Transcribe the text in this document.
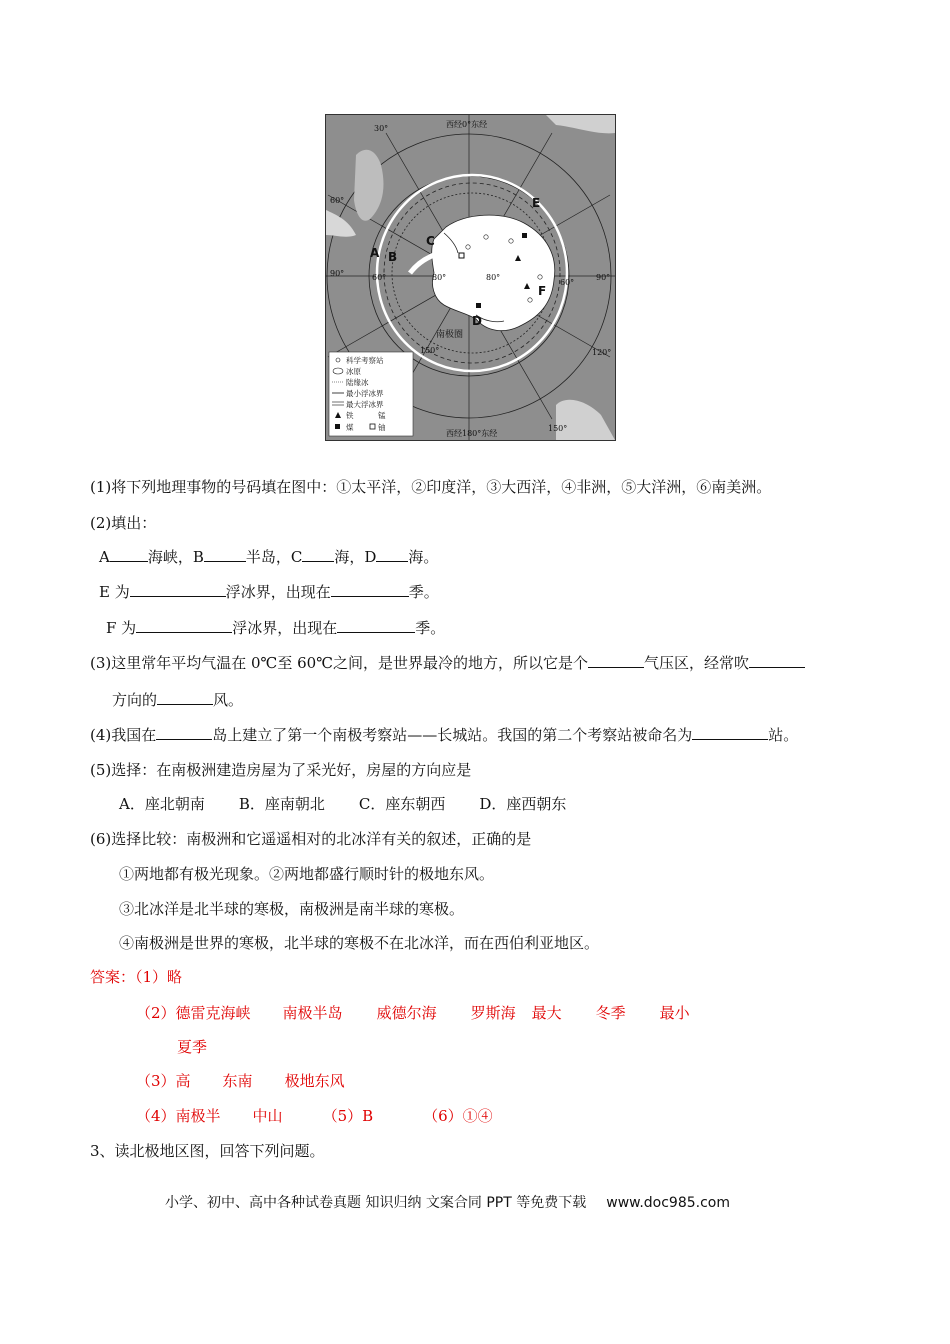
西经0°东经
西经180°东经
30°
60°
90°	60°	80°	80°	90°
60°
150°	120°
150°
南极圈
E
A B
C
D
F
科学考察站
冰原
陆缘冰
最小浮冰界
最大浮冰界
铁	锰
煤	铀
(1)将下列地理事物的号码填在图中：①太平洋，②印度洋，③大西洋，④非洲，⑤大洋洲，⑥南美洲。
(2)填出：
A	海峡，B	半岛，C 海，D 海。
E 为	浮冰界，出现在	季。
F 为	浮冰界，出现在	季。
(3)这里常年平均气温在 0℃至 60℃之间，是世界最冷的地方，所以它是个	气压区，经常吹
方向的	风。
(4)我国在	岛上建立了第一个南极考察站——长城站。我国的第二个考察站被命名为	站。
(5)选择：在南极洲建造房屋为了采光好，房屋的方向应是
A．座北朝南 B．座南朝北 C．座东朝西 D．座西朝东
(6)选择比较：南极洲和它遥遥相对的北冰洋有关的叙述，正确的是
①两地都有极光现象。②两地都盛行顺时针的极地东风。
③北冰洋是北半球的寒极，南极洲是南半球的寒极。
④南极洲是世界的寒极，北半球的寒极不在北冰洋，而在西伯利亚地区。
答案：（1）略
（2）德雷克海峡 南极半岛 威德尔海 罗斯海 最大 冬季 最小
夏季
（3）高 东南 极地东风
（4）南极半 中山	（5）B	（6）①④
3、读北极地区图，回答下列问题。
小学、初中、高中各种试卷真题 知识归纳 文案合同 PPT 等免费下载 www.doc985.com
